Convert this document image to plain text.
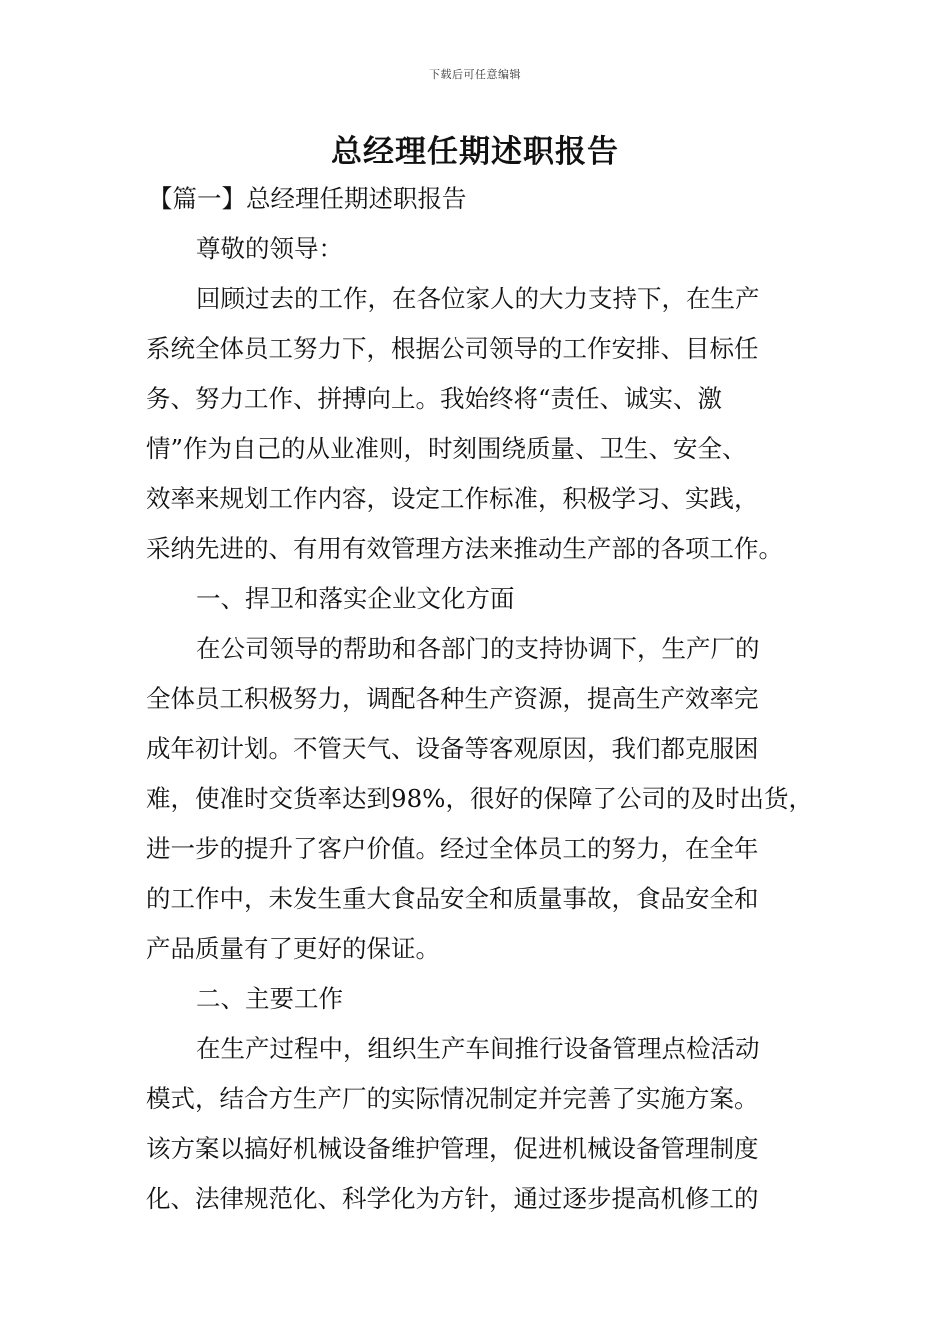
下载后可任意编辑
总经理任期述职报告
【篇一】总经理任期述职报告
尊敬的领导：
回顾过去的工作，在各位家人的大力支持下，在生产
系统全体员工努力下，根据公司领导的工作安排、目标任
务、努力工作、拼搏向上。我始终将“责任、诚实、激
情”作为自己的从业准则，时刻围绕质量、卫生、安全、
效率来规划工作内容，设定工作标准，积极学习、实践，
采纳先进的、有用有效管理方法来推动生产部的各项工作。
一、捍卫和落实企业文化方面
在公司领导的帮助和各部门的支持协调下，生产厂的
全体员工积极努力，调配各种生产资源，提高生产效率完
成年初计划。不管天气、设备等客观原因，我们都克服困
难，使准时交货率达到98%，很好的保障了公司的及时出货，
进一步的提升了客户价值。经过全体员工的努力，在全年
的工作中，未发生重大食品安全和质量事故，食品安全和
产品质量有了更好的保证。
二、主要工作
在生产过程中，组织生产车间推行设备管理点检活动
模式，结合方生产厂的实际情况制定并完善了实施方案。
该方案以搞好机械设备维护管理，促进机械设备管理制度
化、法律规范化、科学化为方针，通过逐步提高机修工的
